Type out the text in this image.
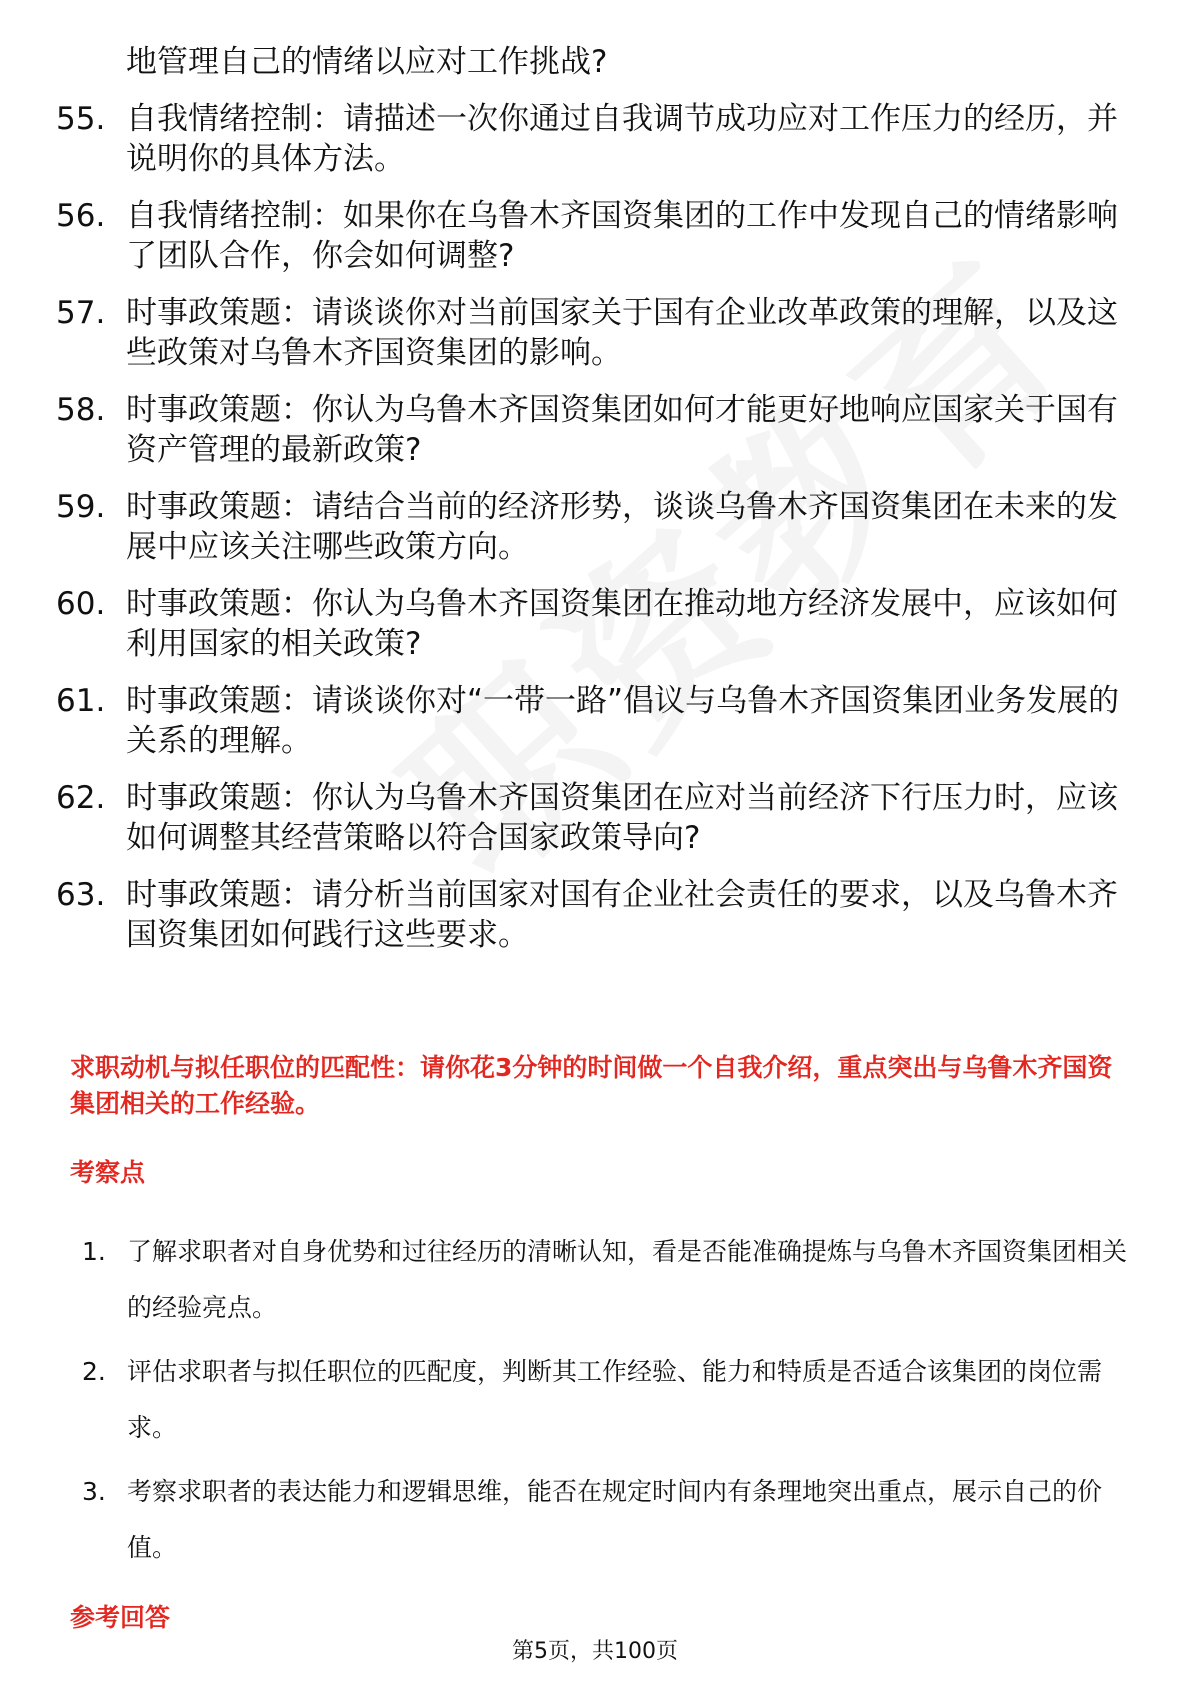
地管理自己的情绪以应对工作挑战?
55. 自我情绪控制：请描述一次你通过自我调节成功应对工作压力的经历，并说明你的具体方法。
56. 自我情绪控制：如果你在乌鲁木齐国资集团的工作中发现自己的情绪影响了团队合作，你会如何调整?
57. 时事政策题：请谈谈你对当前国家关于国有企业改革政策的理解，以及这些政策对乌鲁木齐国资集团的影响。
58. 时事政策题：你认为乌鲁木齐国资集团如何才能更好地响应国家关于国有资产管理的最新政策?
59. 时事政策题：请结合当前的经济形势，谈谈乌鲁木齐国资集团在未来的发展中应该关注哪些政策方向。
60. 时事政策题：你认为乌鲁木齐国资集团在推动地方经济发展中，应该如何利用国家的相关政策?
61. 时事政策题：请谈谈你对“一带一路”倡议与乌鲁木齐国资集团业务发展的关系的理解。
62. 时事政策题：你认为乌鲁木齐国资集团在应对当前经济下行压力时，应该如何调整其经营策略以符合国家政策导向?
63. 时事政策题：请分析当前国家对国有企业社会责任的要求，以及乌鲁木齐国资集团如何践行这些要求。
求职动机与拟任职位的匹配性：请你花3分钟的时间做一个自我介绍，重点突出与乌鲁木齐国资集团相关的工作经验。
考察点
1. 了解求职者对自身优势和过往经历的清晰认知，看是否能准确提炼与乌鲁木齐国资集团相关的经验亮点。
2. 评估求职者与拟任职位的匹配度，判断其工作经验、能力和特质是否适合该集团的岗位需求。
3. 考察求职者的表达能力和逻辑思维，能否在规定时间内有条理地突出重点，展示自己的价值。
参考回答
第5页，共100页
